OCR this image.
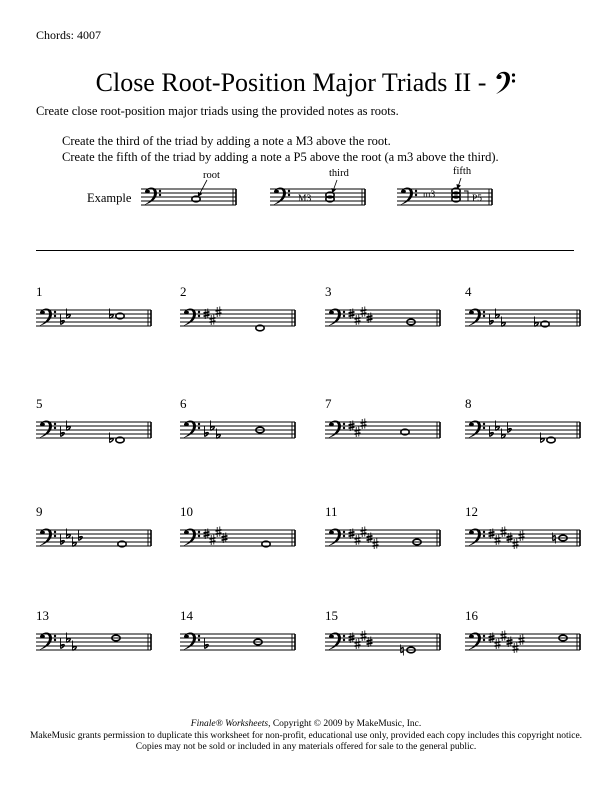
Chords: 4007
Close Root-Position Major Triads II -
Create close root-position major triads using the provided notes as roots.
Create the third of the triad by adding a note a M3 above the root.
Create the fifth of the triad by adding a note a P5 above the root (a m3 above the third).
Example
root
M3
third
m3	P5
fifth
1	2	3	4
5	6	7	8
9	10	11	12
13	14	15	16
Finale® Worksheets, Copyright © 2009 by MakeMusic, Inc.
MakeMusic grants permission to duplicate this worksheet for non-profit, educational use only, provided each copy includes this copyright notice.
Copies may not be sold or included in any materials offered for sale to the general public.
